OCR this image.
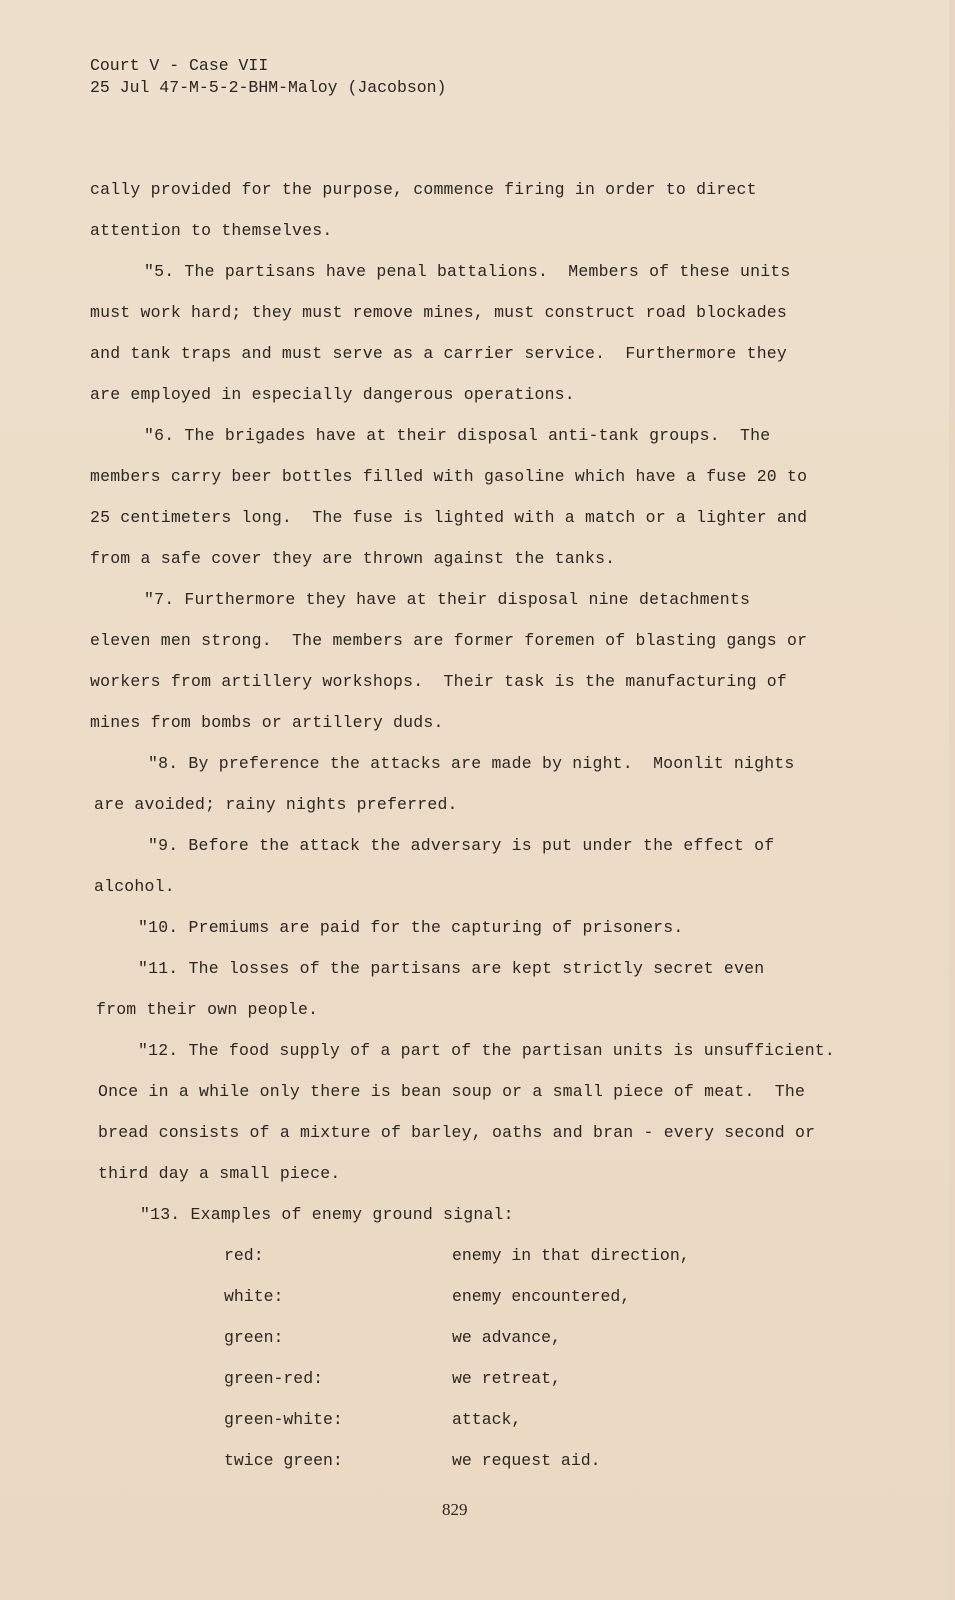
Court V - Case VII
25 Jul 47-M-5-2-BHM-Maloy (Jacobson)
cally provided for the purpose, commence firing in order to direct
attention to themselves.
"5. The partisans have penal battalions.  Members of these units
must work hard; they must remove mines, must construct road blockades
and tank traps and must serve as a carrier service.  Furthermore they
are employed in especially dangerous operations.
"6. The brigades have at their disposal anti-tank groups.  The
members carry beer bottles filled with gasoline which have a fuse 20 to
25 centimeters long.  The fuse is lighted with a match or a lighter and
from a safe cover they are thrown against the tanks.
"7. Furthermore they have at their disposal nine detachments
eleven men strong.  The members are former foremen of blasting gangs or
workers from artillery workshops.  Their task is the manufacturing of
mines from bombs or artillery duds.
"8. By preference the attacks are made by night.  Moonlit nights
are avoided; rainy nights preferred.
"9. Before the attack the adversary is put under the effect of
alcohol.
"10. Premiums are paid for the capturing of prisoners.
"11. The losses of the partisans are kept strictly secret even
from their own people.
"12. The food supply of a part of the partisan units is unsufficient.
Once in a while only there is bean soup or a small piece of meat.  The
bread consists of a mixture of barley, oaths and bran - every second or
third day a small piece.
"13. Examples of enemy ground signal:
red:	enemy in that direction,
white:	enemy encountered,
green:	we advance,
green-red:	we retreat,
green-white:	attack,
twice green:	we request aid.
829
